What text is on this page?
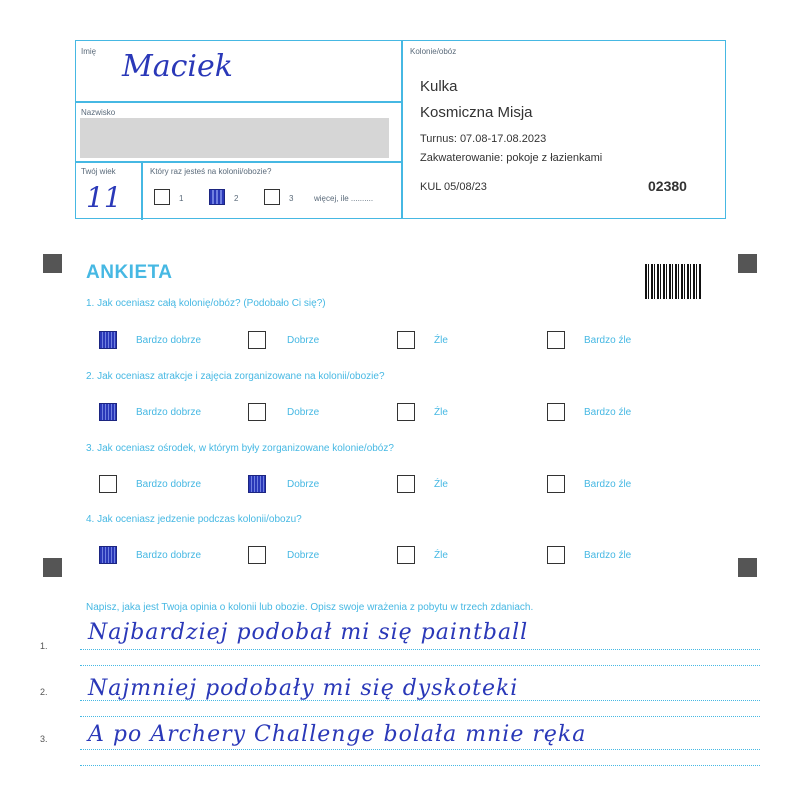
Imię Maciek
Nazwisko
Twój wiek
11
Który raz jesteś na kolonii/obozie?
1	2	3	więcej, ile ..........
Kolonie/obóz
Kulka
Kosmiczna Misja
Turnus: 07.08-17.08.2023
Zakwaterowanie: pokoje z łazienkami
KUL 05/08/23	02380
ANKIETA
1. Jak oceniasz całą kolonię/obóz? (Podobało Ci się?)
Bardzo dobrze	Dobrze	Źle	Bardzo źle
2. Jak oceniasz atrakcje i zajęcia zorganizowane na kolonii/obozie?
Bardzo dobrze	Dobrze	Źle	Bardzo źle
3. Jak oceniasz ośrodek, w którym były zorganizowane kolonie/obóz?
Bardzo dobrze	Dobrze	Źle	Bardzo źle
4. Jak oceniasz jedzenie podczas kolonii/obozu?
Bardzo dobrze	Dobrze	Źle	Bardzo źle
Napisz, jaka jest Twoja opinia o kolonii lub obozie. Opisz swoje wrażenia z pobytu w trzech zdaniach.
1.
Najbardziej podobał mi się paintball
2. Najmniej podobały mi się dyskoteki
3. A po Archery Challenge bolała mnie ręka
